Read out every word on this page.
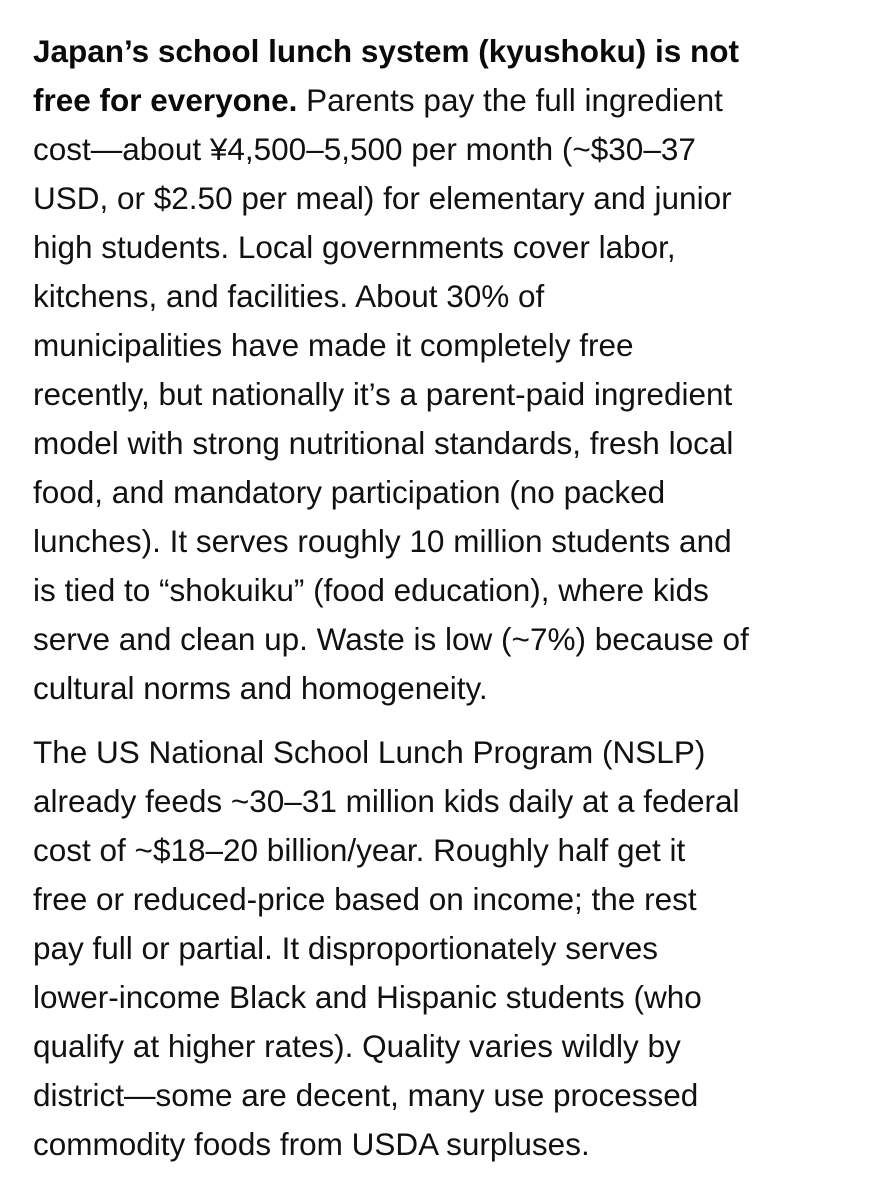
Japan’s school lunch system (kyushoku) is not
free for everyone. Parents pay the full ingredient
cost—about ¥4,500–5,500 per month (~$30–37
USD, or $2.50 per meal) for elementary and junior
high students. Local governments cover labor,
kitchens, and facilities. About 30% of
municipalities have made it completely free
recently, but nationally it’s a parent-paid ingredient
model with strong nutritional standards, fresh local
food, and mandatory participation (no packed
lunches). It serves roughly 10 million students and
is tied to “shokuiku” (food education), where kids
serve and clean up. Waste is low (~7%) because of
cultural norms and homogeneity.

The US National School Lunch Program (NSLP)
already feeds ~30–31 million kids daily at a federal
cost of ~$18–20 billion/year. Roughly half get it
free or reduced-price based on income; the rest
pay full or partial. It disproportionately serves
lower-income Black and Hispanic students (who
qualify at higher rates). Quality varies wildly by
district—some are decent, many use processed
commodity foods from USDA surpluses.
